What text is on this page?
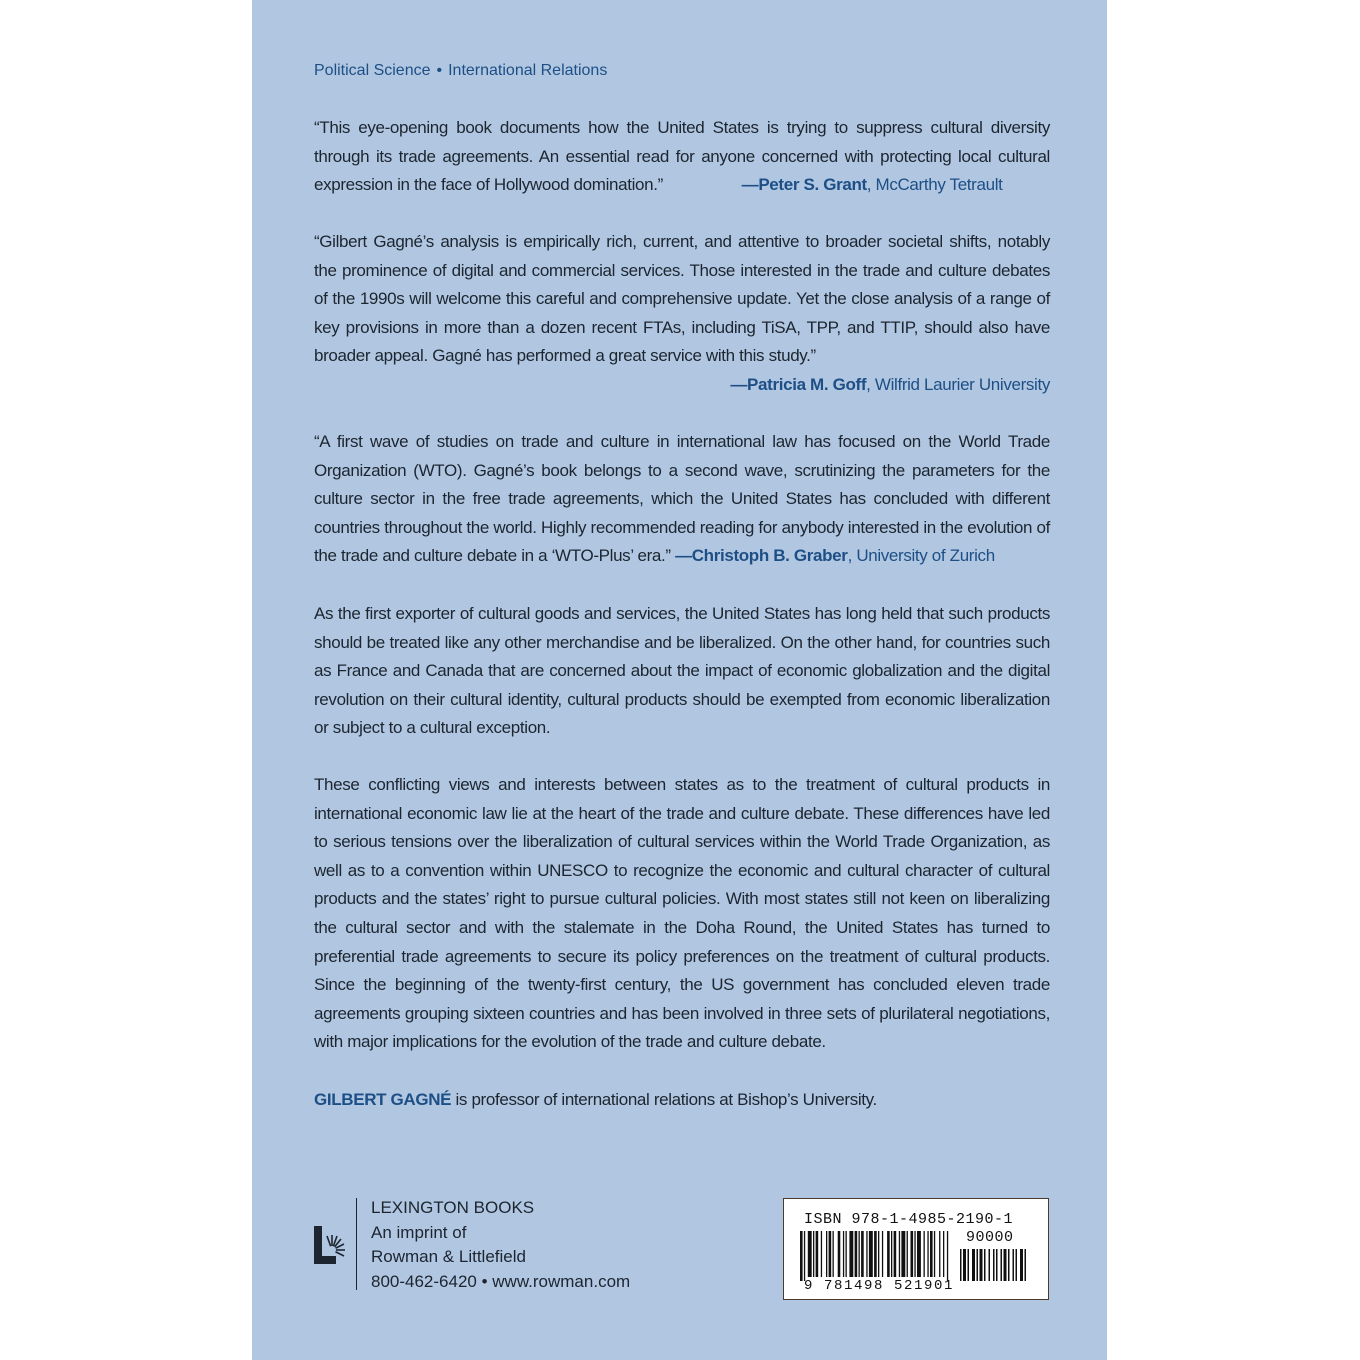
Political Science • International Relations

“This eye-opening book documents how the United States is trying to suppress cultural diversity through its trade agreements. An essential read for anyone concerned with protecting local cultural expression in the face of Hollywood domination.”	—Peter S. Grant, McCarthy Tetrault

“Gilbert Gagné’s analysis is empirically rich, current, and attentive to broader societal shifts, notably the prominence of digital and commercial services. Those interested in the trade and culture debates of the 1990s will welcome this careful and comprehensive update. Yet the close analysis of a range of key provisions in more than a dozen recent FTAs, including TiSA, TPP, and TTIP, should also have broader appeal. Gagné has performed a great service with this study.”

—Patricia M. Goff, Wilfrid Laurier University

“A first wave of studies on trade and culture in international law has focused on the World Trade Organization (WTO). Gagné’s book belongs to a second wave, scrutinizing the parameters for the culture sector in the free trade agreements, which the United States has concluded with different countries throughout the world. Highly recommended reading for anybody interested in the evolution of the trade and culture debate in a ‘WTO-Plus’ era.” —Christoph B. Graber, University of Zurich

As the first exporter of cultural goods and services, the United States has long held that such products should be treated like any other merchandise and be liberalized. On the other hand, for countries such as France and Canada that are concerned about the impact of economic globalization and the digital revolution on their cultural identity, cultural products should be exempted from economic liberalization or subject to a cultural exception.

These conflicting views and interests between states as to the treatment of cultural products in international economic law lie at the heart of the trade and culture debate. These differences have led to serious tensions over the liberalization of cultural services within the World Trade Organization, as well as to a convention within UNESCO to recognize the economic and cultural character of cultural products and the states’ right to pursue cultural policies. With most states still not keen on liberalizing the cultural sector and with the stalemate in the Doha Round, the United States has turned to preferential trade agreements to secure its policy preferences on the treatment of cultural products. Since the beginning of the twenty-first century, the US government has concluded eleven trade agreements grouping sixteen countries and has been involved in three sets of plurilateral negotiations, with major implications for the evolution of the trade and culture debate.

GILBERT GAGNÉ is professor of international relations at Bishop’s University.

LEXINGTON BOOKS
An imprint of
Rowman & Littlefield
800-462-6420 • www.rowman.com
ISBN 978-1-4985-2190-1
90000
9 781498 521901
